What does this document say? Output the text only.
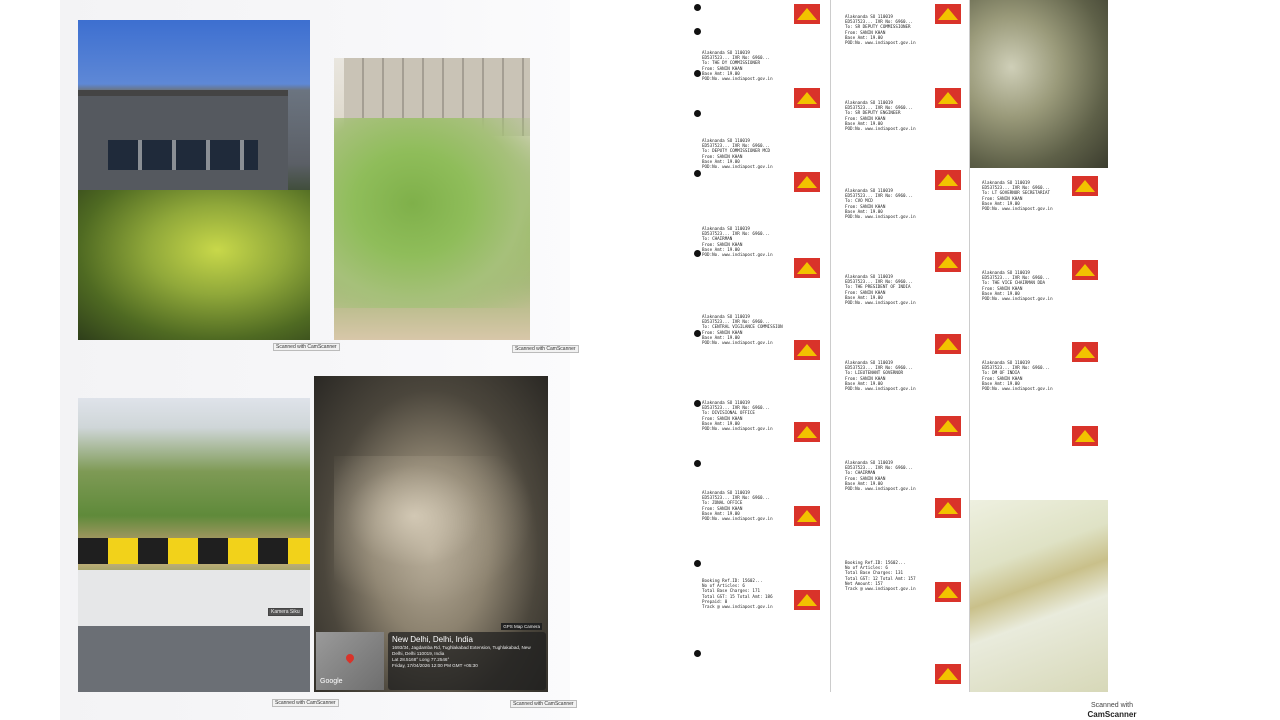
Scanned with CamScanner	Scanned with CamScanner
Kamera Siku
Scanned with CamScanner
Google
GPS Map Camera
New Delhi, Delhi, India
1693/34, Jagdamba Rd, Tughlakabad Extension, Tughlakabad, New Delhi, Delhi 110019, India
Lat 28.5168° Long 77.2546°
Friday, 17/04/2026 12:00 PM GMT +05:30
Scanned with CamScanner
Alaknanda SO 110019
ED537523... IVR No: 6960...
To: THE DY COMMISSIONER
From: SANIN KHAN
Base Amt: 19.00
POD:No. www.indiapost.gov.in
Alaknanda SO 110019
ED537523... IVR No: 6960...
To: DEPUTY COMMISSIONER MCD
From: SANIN KHAN
Base Amt: 19.00
POD:No. www.indiapost.gov.in
Alaknanda SO 110019
ED537523... IVR No: 6960...
To: CHAIRMAN
From: SANIN KHAN
Base Amt: 19.00
POD:No. www.indiapost.gov.in
Alaknanda SO 110019
ED537523... IVR No: 6960...
To: CENTRAL VIGILANCE COMMISSION
From: SANIN KHAN
Base Amt: 19.00
POD:No. www.indiapost.gov.in
Alaknanda SO 110019
ED537523... IVR No: 6960...
To: DIVISIONAL OFFICE
From: SANIN KHAN
Base Amt: 19.00
POD:No. www.indiapost.gov.in
Alaknanda SO 110019
ED537523... IVR No: 6960...
To: ZONAL OFFICE
From: SANIN KHAN
Base Amt: 19.00
POD:No. www.indiapost.gov.in
Booking Ref.ID: 15602...
No of Articles: 6
Total Base Charges: 171
Total GST: 15 Total Amt: 186
Prepaid: 0
Track @ www.indiapost.gov.in
Alaknanda SO 110019
ED537523... IVR No: 6960...
To: SR DEPUTY COMMISSIONER
From: SANIN KHAN
Base Amt: 19.00
POD:No. www.indiapost.gov.in
Alaknanda SO 110019
ED537523... IVR No: 6960...
To: SR DEPUTY ENGINEER
From: SANIN KHAN
Base Amt: 19.00
POD:No. www.indiapost.gov.in
Alaknanda SO 110019
ED537523... IVR No: 6960...
To: CVO MCD
From: SANIN KHAN
Base Amt: 19.00
POD:No. www.indiapost.gov.in
Alaknanda SO 110019
ED537523... IVR No: 6960...
To: THE PRESIDENT OF INDIA
From: SANIN KHAN
Base Amt: 19.00
POD:No. www.indiapost.gov.in
Alaknanda SO 110019
ED537523... IVR No: 6960...
To: LIEUTENANT GOVERNOR
From: SANIN KHAN
Base Amt: 19.00
POD:No. www.indiapost.gov.in
Alaknanda SO 110019
ED537523... IVR No: 6960...
To: CHAIRMAN
From: SANIN KHAN
Base Amt: 19.00
POD:No. www.indiapost.gov.in
Booking Ref.ID: 15602...
No of Articles: 6
Total Base Charges: 131
Total GST: 12 Total Amt: 157
Net Amount: 157
Track @ www.indiapost.gov.in
Alaknanda SO 110019
ED537523... IVR No: 6960...
To: LT GOVERNOR SECRETARIAT
From: SANIN KHAN
Base Amt: 19.00
POD:No. www.indiapost.gov.in
Alaknanda SO 110019
ED537523... IVR No: 6960...
To: THE VICE CHAIRMAN DDA
From: SANIN KHAN
Base Amt: 19.00
POD:No. www.indiapost.gov.in
Alaknanda SO 110019
ED537523... IVR No: 6960...
To: DM OF INDIA
From: SANIN KHAN
Base Amt: 19.00
POD:No. www.indiapost.gov.in
Scanned with
CamScanner
